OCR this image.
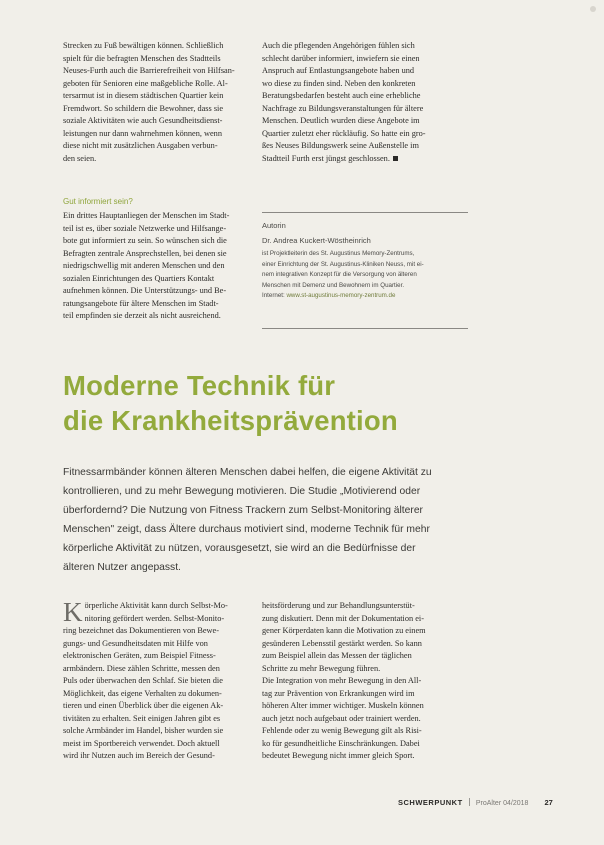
Strecken zu Fuß bewältigen können. Schließlich
spielt für die befragten Menschen des Stadtteils
Neuses-Furth auch die Barrierefreiheit von Hilfsan-
geboten für Senioren eine maßgebliche Rolle. Al-
tersarmut ist in diesem städtischen Quartier kein
Fremdwort. So schildern die Bewohner, dass sie
soziale Aktivitäten wie auch Gesundheitsdienst-
leistungen nur dann wahrnehmen können, wenn
diese nicht mit zusätzlichen Ausgaben verbun-
den seien.
Auch die pflegenden Angehörigen fühlen sich
schlecht darüber informiert, inwiefern sie einen
Anspruch auf Entlastungsangebote haben und
wo diese zu finden sind. Neben den konkreten
Beratungsbedarfen besteht auch eine erhebliche
Nachfrage zu Bildungsveranstaltungen für ältere
Menschen. Deutlich wurden diese Angebote im
Quartier zuletzt eher rückläufig. So hatte ein gro-
ßes Neuses Bildungswerk seine Außenstelle im
Stadtteil Furth erst jüngst geschlossen.
Gut informiert sein?
Ein drittes Hauptanliegen der Menschen im Stadt-
teil ist es, über soziale Netzwerke und Hilfsange-
bote gut informiert zu sein. So wünschen sich die
Befragten zentrale Ansprechstellen, bei denen sie
niedrigschwellig mit anderen Menschen und den
sozialen Einrichtungen des Quartiers Kontakt
aufnehmen können. Die Unterstützungs- und Be-
ratungsangebote für ältere Menschen im Stadt-
teil empfinden sie derzeit als nicht ausreichend.
Autorin
Dr. Andrea Kuckert-Wöstheinrich
ist Projektleiterin des St. Augustinus Memory-Zentrums,
einer Einrichtung der St. Augustinus-Kliniken Neuss, mit ei-
nem integrativen Konzept für die Versorgung von älteren
Menschen mit Demenz und Bewohnern im Quartier.
Internet: www.st-augustinus-memory-zentrum.de
Moderne Technik für
die Krankheitsprävention
Fitnessarmbänder können älteren Menschen dabei helfen, die eigene Aktivität zu
kontrollieren, und zu mehr Bewegung motivieren. Die Studie „Motivierend oder
überfordernd? Die Nutzung von Fitness Trackern zum Selbst-Monitoring älterer
Menschen" zeigt, dass Ältere durchaus motiviert sind, moderne Technik für mehr
körperliche Aktivität zu nützen, vorausgesetzt, sie wird an die Bedürfnisse der
älteren Nutzer angepasst.
K örperliche Aktivität kann durch Selbst-Mo-
nitoring gefördert werden. Selbst-Monito-
ring bezeichnet das Dokumentieren von Bewe-
gungs- und Gesundheitsdaten mit Hilfe von
elektronischen Geräten, zum Beispiel Fitness-
armbändern. Diese zählen Schritte, messen den
Puls oder überwachen den Schlaf. Sie bieten die
Möglichkeit, das eigene Verhalten zu dokumen-
tieren und einen Überblick über die eigenen Ak-
tivitäten zu erhalten. Seit einigen Jahren gibt es
solche Armbänder im Handel, bisher wurden sie
meist im Sportbereich verwendet. Doch aktuell
wird ihr Nutzen auch im Bereich der Gesund-
heitsförderung und zur Behandlungsunterstüt-
zung diskutiert. Denn mit der Dokumentation ei-
gener Körperdaten kann die Motivation zu einem
gesünderen Lebensstil gestärkt werden. So kann
zum Beispiel allein das Messen der täglichen
Schritte zu mehr Bewegung führen.
Die Integration von mehr Bewegung in den All-
tag zur Prävention von Erkrankungen wird im
höheren Alter immer wichtiger. Muskeln können
auch jetzt noch aufgebaut oder trainiert werden.
Fehlende oder zu wenig Bewegung gilt als Risi-
ko für gesundheitliche Einschränkungen. Dabei
bedeutet Bewegung nicht immer gleich Sport.
SCHWERPUNKT ProAlter 04/2018 27
